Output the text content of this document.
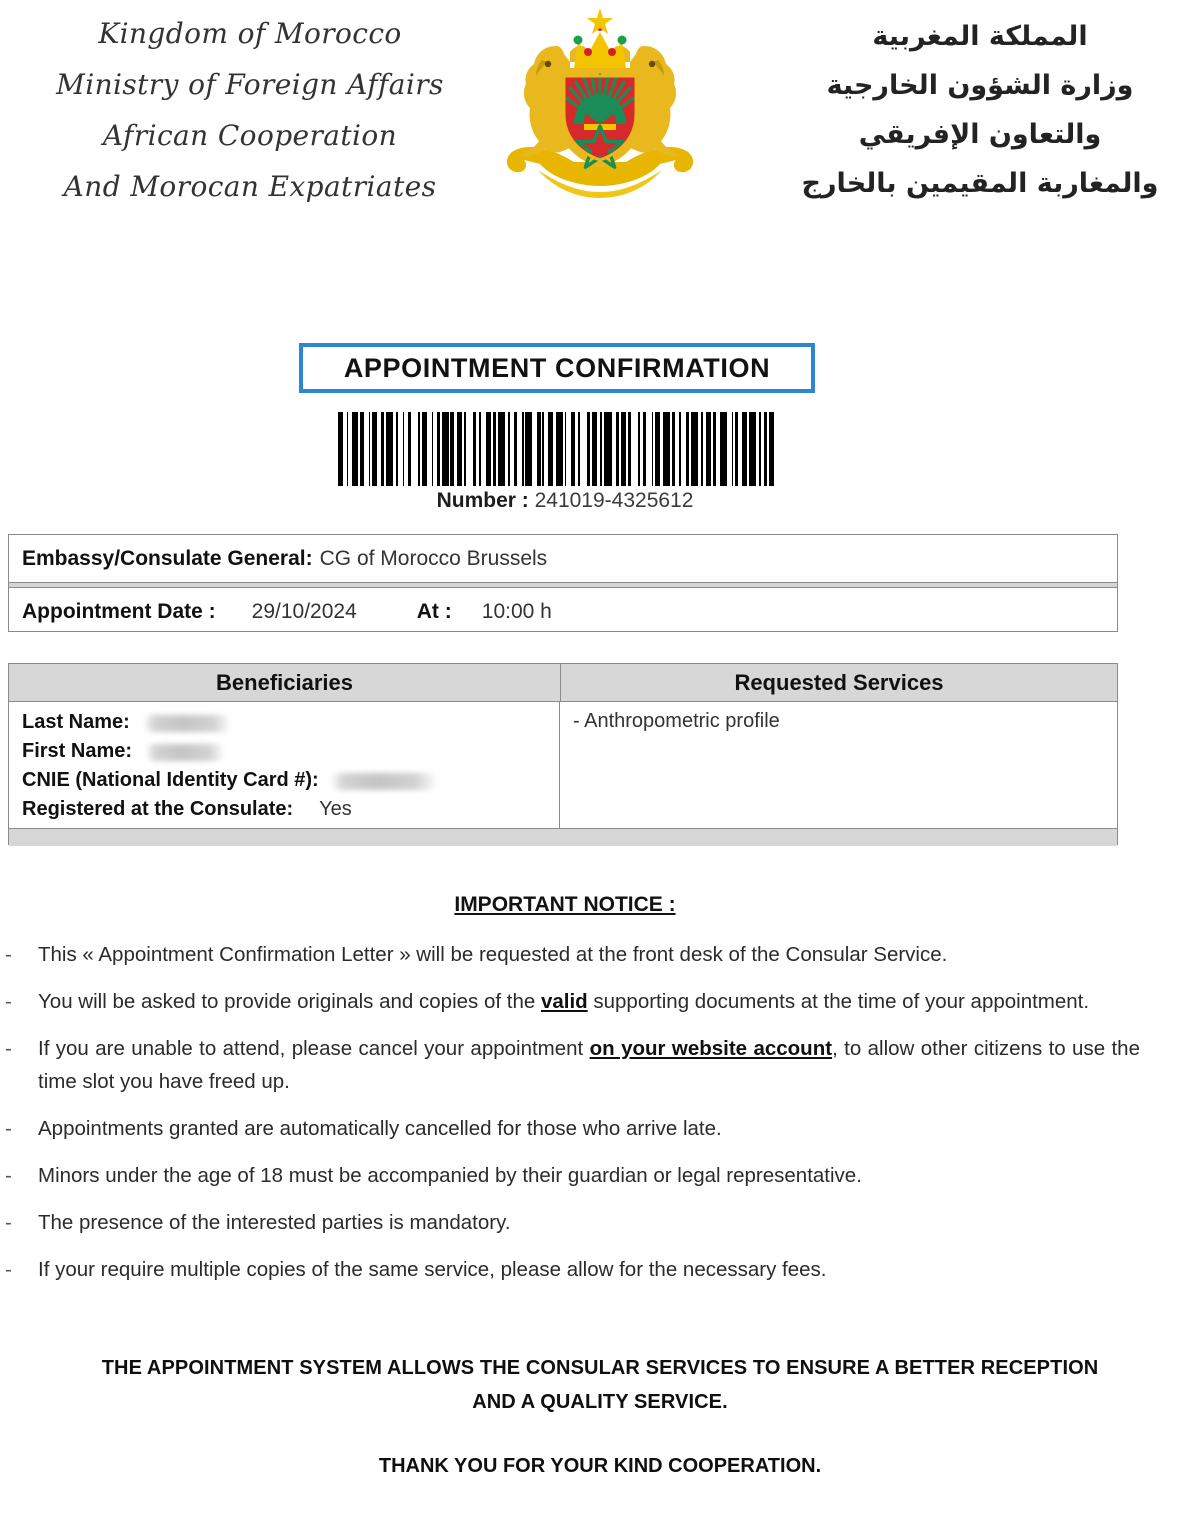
Kingdom of Morocco
Ministry of Foreign Affairs
African Cooperation
And Morocan Expatriates
المملكة المغربية
وزارة الشؤون الخارجية
والتعاون الإفريقي
والمغاربة المقيمين بالخارج
APPOINTMENT CONFIRMATION
Number : 241019-4325612
Embassy/Consulate General: CG of Morocco Brussels
Appointment Date : 29/10/2024	At : 10:00 h
Beneficiaries	Requested Services
Last Name:
First Name:
CNIE (National Identity Card #):
Registered at the Consulate: Yes
- Anthropometric profile
IMPORTANT NOTICE :
- This « Appointment Confirmation Letter » will be requested at the front desk of the Consular Service.
- You will be asked to provide originals and copies of the valid supporting documents at the time of your appointment.
- If you are unable to attend, please cancel your appointment on your website account, to allow other citizens to use the time slot you have freed up.
- Appointments granted are automatically cancelled for those who arrive late.
- Minors under the age of 18 must be accompanied by their guardian or legal representative.
- The presence of the interested parties is mandatory.
- If your require multiple copies of the same service, please allow for the necessary fees.
THE APPOINTMENT SYSTEM ALLOWS THE CONSULAR SERVICES TO ENSURE A BETTER RECEPTION
AND A QUALITY SERVICE.
THANK YOU FOR YOUR KIND COOPERATION.
